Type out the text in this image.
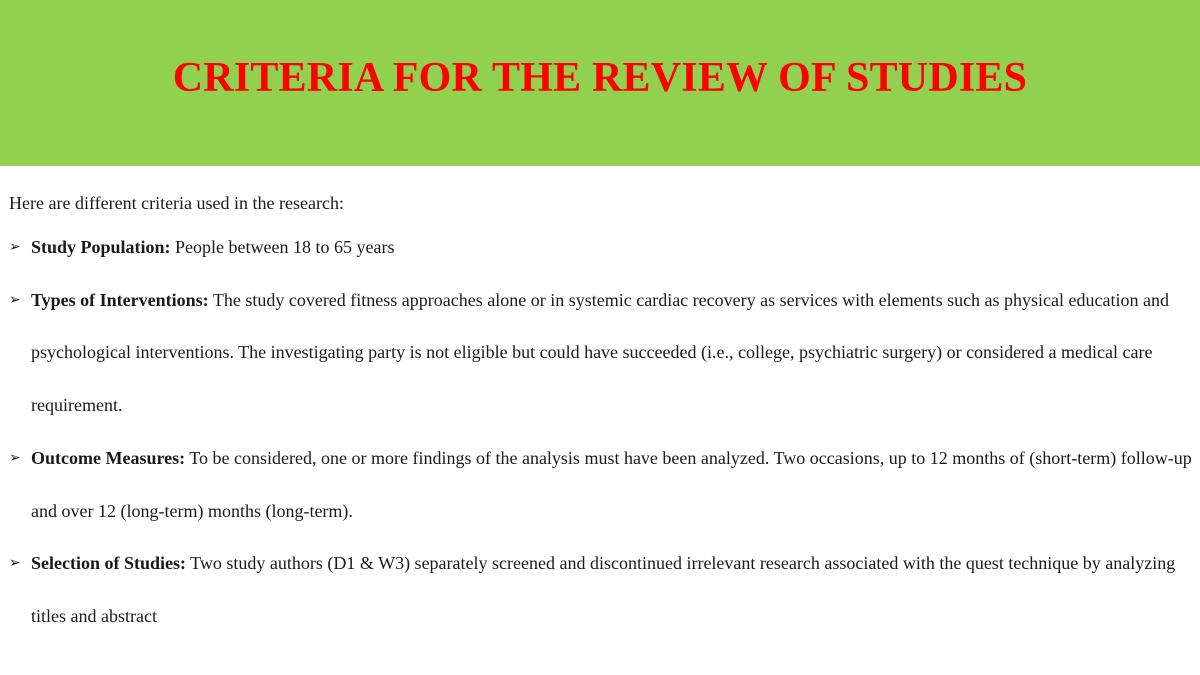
CRITERIA FOR THE REVIEW OF STUDIES

Here are different criteria used in the research:

➢ Study Population: People between 18 to 65 years
➢ Types of Interventions: The study covered fitness approaches alone or in systemic cardiac recovery as services with elements such as physical education and psychological interventions. The investigating party is not eligible but could have succeeded (i.e., college, psychiatric surgery) or considered a medical care requirement.
➢ Outcome Measures: To be considered, one or more findings of the analysis must have been analyzed. Two occasions, up to 12 months of (short-term) follow-up and over 12 (long-term) months (long-term).
➢ Selection of Studies: Two study authors (D1 & W3) separately screened and discontinued irrelevant research associated with the quest technique by analyzing titles and abstract
